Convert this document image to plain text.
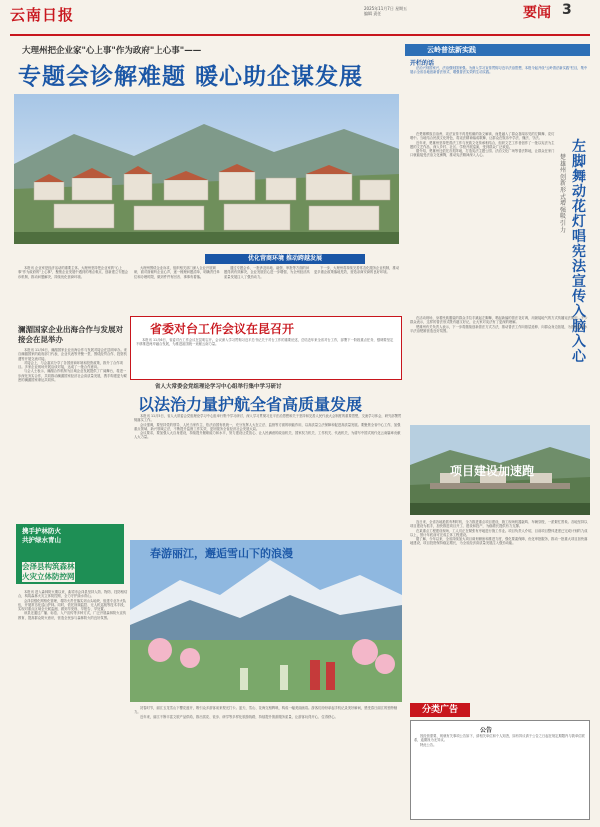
云南日报	2025年11月7日 星期五
编辑 责任	要闻 3
大理州把企业家"心上事"作为政府"上心事"——
专题会诊解难题 暖心助企谋发展
优化营商环境 推动跨越发展

本报讯 企业家是经济活动的重要主体。大理州坚持把企业家的"心上事"作为政府的"上心事"，聚焦企业发展中遇到的堵点难点，创新建立专题会诊机制，推动问题解决，持续优化营商环境。

大理州围绕企业诉求，组织相关部门深入企业开展调研，面对面倾听企业心声，逐一梳理问题清单，明确责任单位和办理时限，做到件件有回音、事事有着落。

通过专题会诊，一批涉及用地、融资、审批等方面的问题得到有效解决，企业发展信心进一步增强，为全州经济高质量发展注入了强劲动力。

下一步，大理州将持续完善常态化服务企业机制，推动更多惠企政策落地见效，营造亲商安商的良好环境。

云岭普法新实践
开栏的话

法治兴则国家兴，法治强则国家强。为深入学习宣传贯彻习近平法治思想，本报今起开设"云岭普法新实践"栏目，集中展示全省各地创新普法形式、增强普法实效的生动实践。

在楚雄彝族自治州，宪法宣传不再是枯燥的条文解读，而是融入了群众喜闻乐见的左脚舞、花灯唱中。当地结合民族文化特色，将宪法精神编成歌舞，让群众在娱乐中学法、懂法、守法。

近年来，楚雄州坚持把普法工作与民族文化传承相结合，组织文艺工作者创作了一批以宪法为主题的文艺作品，深入乡村、社区、学校开展巡演，受到群众广泛欢迎。

据介绍，楚雄州还依托各类阵地，打造宪法主题公园、法治文化广场等普法阵地，让群众在家门口就能接受法治文化熏陶，推动宪法精神深入人心。	楚雄州创新形式增强吸引力
左脚舞动花灯唱 宪法宣传入脑入心

在活动现场，身着民族服装的群众手拉手跳起左脚舞，唱起新编的普法花灯调，用最接地气的方式传播宪法知识。不少群众表示，这样的普法形式既有趣又好记，让大家对宪法有了更深的理解。

楚雄州有关负责人表示，下一步将继续创新普法方式方法，推动普法工作向基层延伸、向群众身边拓展，为建设更高水平法治楚雄营造良好氛围。

澜湄国家企业出海合作与发展对接会在昆举办

本报讯 11月6日，澜湄国家企业出海合作与发展对接会在昆明举办。来自澜湄国家的政府部门代表、企业代表等齐聚一堂，围绕经贸合作、投资机遇等开展交流对接。

对接会上，与会嘉宾分享了各国营商环境和投资政策，推介了合作项目。多家企业现场开展洽谈对接，达成了一批合作意向。

与会人士表示，澜湄合作机制为区域企业发展提供了广阔舞台，将进一步深化务实合作，共同推动澜湄国家经济社会高质量发展，携手构建更为紧密的澜湄国家命运共同体。

省委对台工作会议在昆召开

本报讯 11月6日，省委对台工作会议在昆明召开。会议深入学习贯彻习近平总书记关于对台工作的重要论述，总结近年来全省对台工作，部署下一阶段重点任务，强调要坚定不移推进两岸融合发展，为推进祖国统一贡献云南力量。

省人大常委会党组理论学习中心组举行集中学习研讨
以法治力量护航全省高质量发展

本报讯 11月5日，省人大常委会党组理论学习中心组举行集中学习研讨，深入学习贯彻习近平法治思想和关于坚持和完善人民代表大会制度的重要思想，交流学习体会，研究部署贯彻落实工作。

会议强调，要坚持党的领导、人民当家作主、依法治国有机统一，充分发挥人大在立法、监督等方面的职能作用，以高质量立法保障和促进高质量发展。要聚焦全省中心工作，加强重点领域、新兴领域立法，不断提升监督工作实效，更好服务全省经济社会发展大局。

会议要求，要加强人大自身建设，持续提升履职能力和水平，努力建设让党放心、让人民满意的政治机关、国家权力机关、工作机关、代表机关，为谱写中国式现代化云南篇章贡献人大力量。

项目建设加速跑

连日来，全省各地抢抓有利时机，全力推进重点项目建设，施工现场机器轰鸣、车辆穿梭，一派繁忙景象。各地坚持以项目建设为抓手，加快推进项目开工、建设和投产，为稳增长提供有力支撑。

在某重点工程建设现场，工人们正在紧张有序地进行施工作业。项目负责人介绍，目前项目整体进度已完成计划的九成以上，预计年底前可完成主体工程建设。

据了解，今年以来，全省持续加大项目谋划储备和推进力度，强化要素保障，优化审批服务，推动一批重大项目加快落地建设，项目投资保持稳定增长，为全省经济高质量发展注入强劲动能。

携手护林防火
共护绿水青山
会泽县构筑森林
火灾立体防控网

本报讯 进入森林防火期以来，曲靖市会泽县坚持人防、物防、技防相结合，构筑森林火灾立体防控网，全力守护绿水青山。

会泽县强化网格化管理，将防火责任落实到山头地块，组建专业扑火队伍，开展常态化巡山护林。同时，依托视频监控、无人机巡航等技术手段，实现对重点区域全天候监测，做到早发现、早报告、早处置。

该县还通过广播、标语、入户宣传等多种方式，广泛开展森林防火宣传教育，提高群众防火意识，营造全民参与森林防火的良好氛围。

春游丽江，邂逅雪山下的浪漫

初春时节，丽江玉龙雪山下樱花盛开，吸引众多游客前来观光打卡。蓝天、雪山、花海交相辉映，构成一幅美丽画卷。游客们纷纷拿起手机记录美好瞬间，感受春日丽江的独特魅力。

近年来，丽江不断丰富文旅产品供给，推出赏花、徒步、研学等多样化旅游线路，持续提升旅游服务质量，让游客玩得开心、住得舒心。

分类广告
公告

因经营需要，现就有关事项公告如下，请相关单位和个人知悉，如有异议请于公告之日起在规定期限内与我单位联系，逾期视为无异议。

特此公告。
